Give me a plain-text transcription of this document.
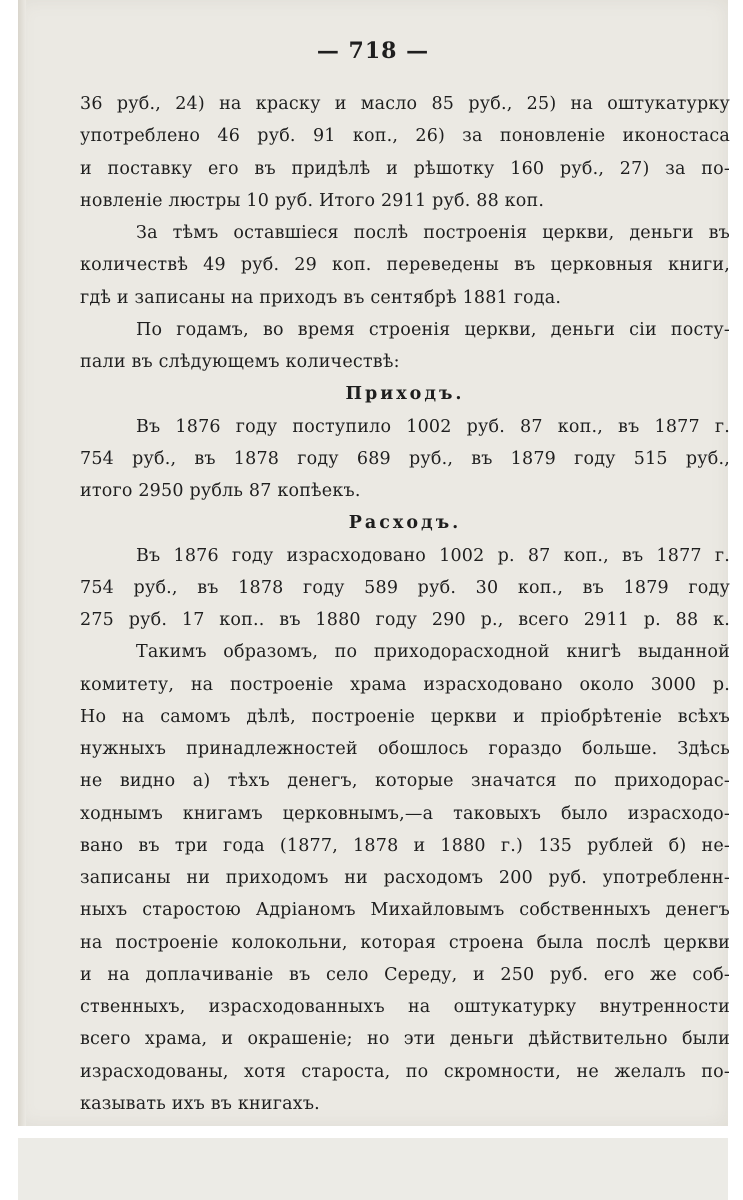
— 718 —
36 руб., 24) на краску и масло 85 руб., 25) на оштукатурку
употреблено 46 руб. 91 коп., 26) за поновленіе иконостаса
и поставку его въ придѣлѣ и рѣшотку 160 руб., 27) за по-
новленіе люстры 10 руб. Итого 2911 руб. 88 коп.
За тѣмъ оставшіеся послѣ построенія церкви, деньги въ
количествѣ 49 руб. 29 коп. переведены въ церковныя книги,
гдѣ и записаны на приходъ въ сентябрѣ 1881 года.
По годамъ, во время строенія церкви, деньги сіи посту-
пали въ слѣдующемъ количествѣ:
Приходъ.
Въ 1876 году поступило 1002 руб. 87 коп., въ 1877 г.
754 руб., въ 1878 году 689 руб., въ 1879 году 515 руб.,
итого 2950 рубль 87 копѣекъ.
Расходъ.
Въ 1876 году израсходовано 1002 р. 87 коп., въ 1877 г.
754 руб., въ 1878 году 589 руб. 30 коп., въ 1879 году
275 руб. 17 коп.. въ 1880 году 290 р., всего 2911 р. 88 к.
Такимъ образомъ, по приходорасходной книгѣ выданной
комитету, на построеніе храма израсходовано около 3000 р.
Но на самомъ дѣлѣ, построеніе церкви и пріобрѣтеніе всѣхъ
нужныхъ принадлежностей обошлось гораздо больше. Здѣсь
не видно а) тѣхъ денегъ, которые значатся по приходорас-
ходнымъ книгамъ церковнымъ,—а таковыхъ было израсходо-
вано въ три года (1877, 1878 и 1880 г.) 135 рублей б) не-
записаны ни приходомъ ни расходомъ 200 руб. употребленн-
ныхъ старостою Адріаномъ Михайловымъ собственныхъ денегъ
на построеніе колокольни, которая строена была послѣ церкви
и на доплачиваніе въ село Середу, и 250 руб. его же соб-
ственныхъ, израсходованныхъ на оштукатурку внутренности
всего храма, и окрашеніе; но эти деньги дѣйствительно были
израсходованы, хотя староста, по скромности, не желалъ по-
казывать ихъ въ книгахъ.
